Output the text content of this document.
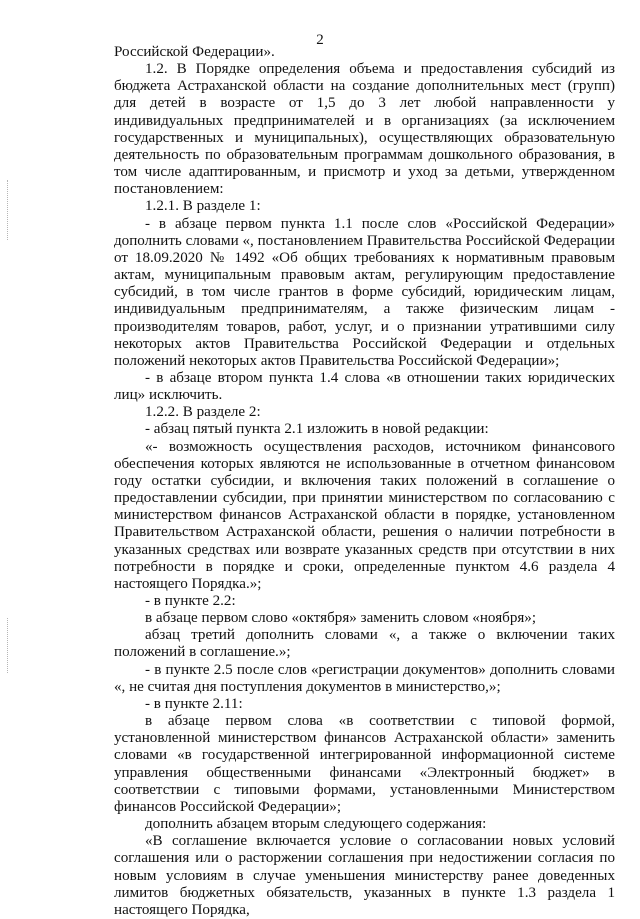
2

Российской Федерации».

1.2. В Порядке определения объема и предоставления субсидий из бюджета Астраханской области на создание дополнительных мест (групп) для детей в возрасте от 1,5 до 3 лет любой направленности у индивидуальных предпринимателей и в организациях (за исключением государственных и муниципальных), осуществляющих образовательную деятельность по образовательным программам дошкольного образования, в том числе адаптированным, и присмотр и уход за детьми, утвержденном постановлением:

1.2.1. В разделе 1:

- в абзаце первом пункта 1.1 после слов «Российской Федерации» дополнить словами «, постановлением Правительства Российской Федерации от 18.09.2020 № 1492 «Об общих требованиях к нормативным правовым актам, муниципальным правовым актам, регулирующим предоставление субсидий, в том числе грантов в форме субсидий, юридическим лицам, индивидуальным предпринимателям, а также физическим лицам - производителям товаров, работ, услуг, и о признании утратившими силу некоторых актов Правительства Российской Федерации и отдельных положений некоторых актов Правительства Российской Федерации»;

- в абзаце втором пункта 1.4 слова «в отношении таких юридических лиц» исключить.

1.2.2. В разделе 2:

- абзац пятый пункта 2.1 изложить в новой редакции:

«- возможность осуществления расходов, источником финансового обеспечения которых являются не использованные в отчетном финансовом году остатки субсидии, и включения таких положений в соглашение о предоставлении субсидии, при принятии министерством по согласованию с министерством финансов Астраханской области в порядке, установленном Правительством Астраханской области, решения о наличии потребности в указанных средствах или возврате указанных средств при отсутствии в них потребности в порядке и сроки, определенные пунктом 4.6 раздела 4 настоящего Порядка.»;

- в пункте 2.2:

в абзаце первом слово «октября» заменить словом «ноября»;

абзац третий дополнить словами «, а также о включении таких положений в соглашение.»;

- в пункте 2.5 после слов «регистрации документов» дополнить словами «, не считая дня поступления документов в министерство,»;

- в пункте 2.11:

в абзаце первом слова «в соответствии с типовой формой, установленной министерством финансов Астраханской области» заменить словами «в государственной интегрированной информационной системе управления общественными финансами «Электронный бюджет» в соответствии с типовыми формами, установленными Министерством финансов Российской Федерации»;

дополнить абзацем вторым следующего содержания:

«В соглашение включается условие о согласовании новых условий соглашения или о расторжении соглашения при недостижении согласия по новым условиям в случае уменьшения министерству ранее доведенных лимитов бюджетных обязательств, указанных в пункте 1.3 раздела 1 настоящего Порядка,
